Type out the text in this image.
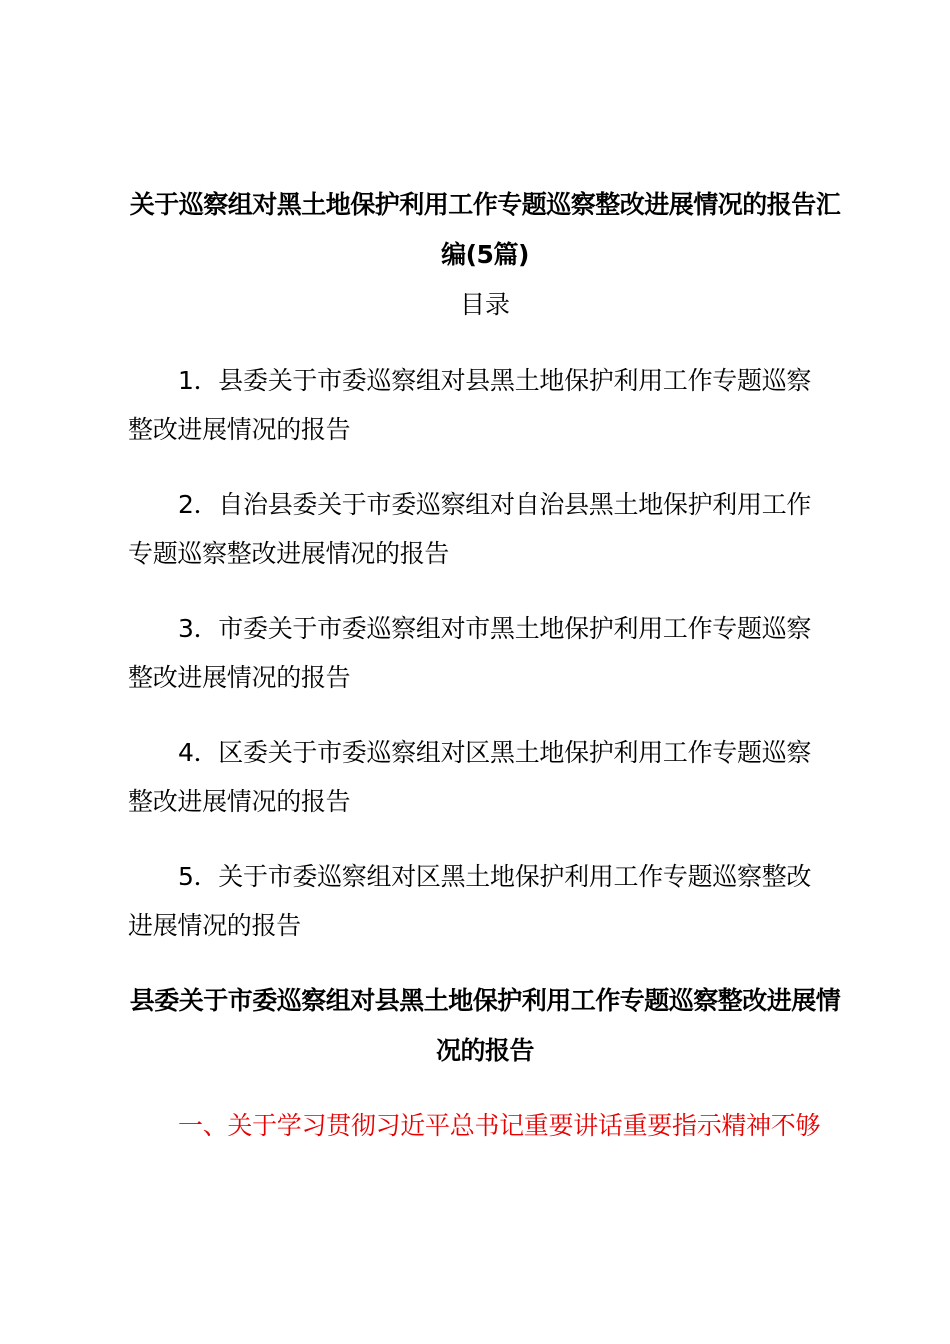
关于巡察组对黑土地保护利用工作专题巡察整改进展情况的报告汇编(5篇)

目录

1．县委关于市委巡察组对县黑土地保护利用工作专题巡察整改进展情况的报告

2．自治县委关于市委巡察组对自治县黑土地保护利用工作专题巡察整改进展情况的报告

3．市委关于市委巡察组对市黑土地保护利用工作专题巡察整改进展情况的报告

4．区委关于市委巡察组对区黑土地保护利用工作专题巡察整改进展情况的报告

5．关于市委巡察组对区黑土地保护利用工作专题巡察整改进展情况的报告

县委关于市委巡察组对县黑土地保护利用工作专题巡察整改进展情况的报告

一、关于学习贯彻习近平总书记重要讲话重要指示精神不够
